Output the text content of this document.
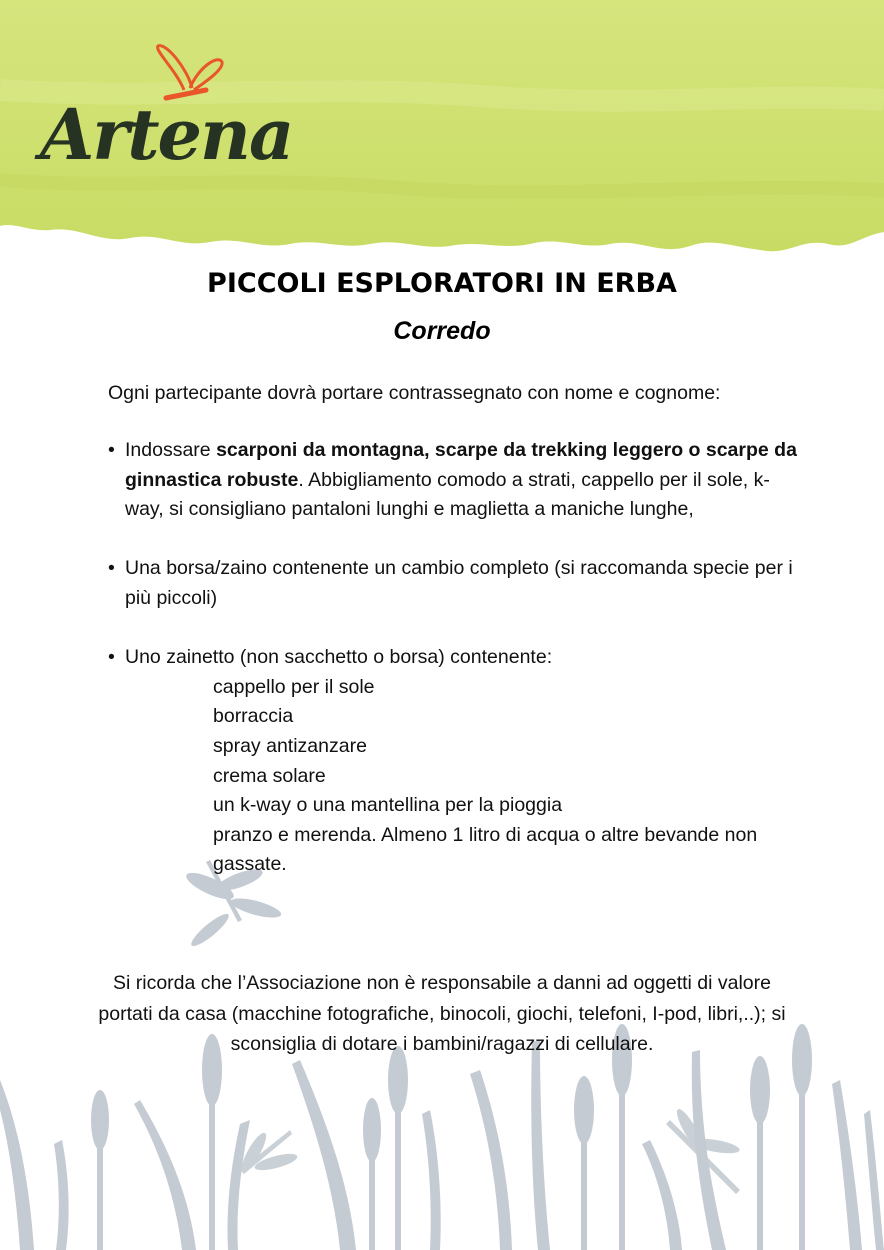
Artena
PICCOLI ESPLORATORI IN ERBA
Corredo

Ogni partecipante dovrà portare contrassegnato con nome e cognome:

• Indossare scarponi da montagna, scarpe da trekking leggero o scarpe da ginnastica robuste. Abbigliamento comodo a strati, cappello per il sole, k-way, si consigliano pantaloni lunghi e maglietta a maniche lunghe,
• Una borsa/zaino contenente un cambio completo (si raccomanda specie per i più piccoli)
• Uno zainetto (non sacchetto o borsa) contenente:
cappello per il sole
borraccia
spray antizanzare
crema solare
un k-way o una mantellina per la pioggia
pranzo e merenda. Almeno 1 litro di acqua o altre bevande non gassate.

Si ricorda che l’Associazione non è responsabile a danni ad oggetti di valore portati da casa (macchine fotografiche, binocoli, giochi, telefoni, I-pod, libri,..); si sconsiglia di dotare i bambini/ragazzi di cellulare.
